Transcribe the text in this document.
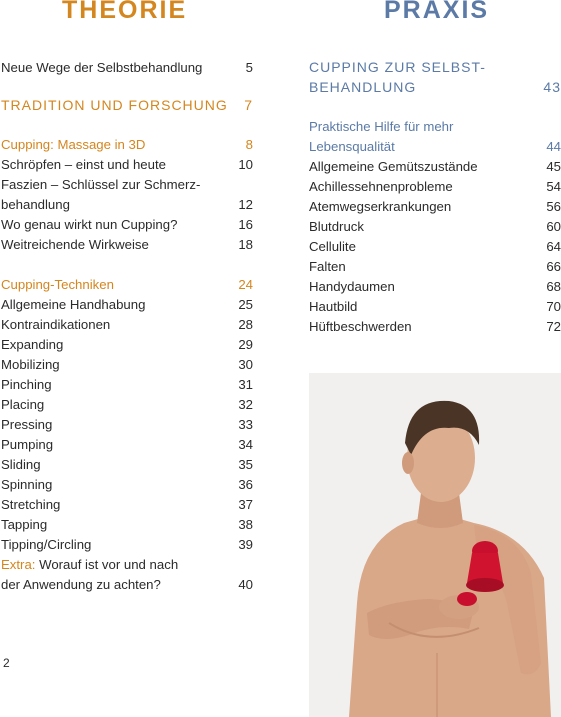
THEORIE	PRAXIS
Neue Wege der Selbstbehandlung	5
TRADITION UND FORSCHUNG	7
Cupping: Massage in 3D	8
Schröpfen – einst und heute	10
Faszien – Schlüssel zur Schmerz-
behandlung	12
Wo genau wirkt nun Cupping?	16
Weitreichende Wirkweise	18
Cupping-Techniken	24
Allgemeine Handhabung	25
Kontraindikationen	28
Expanding	29
Mobilizing	30
Pinching	31
Placing	32
Pressing	33
Pumping	34
Sliding	35
Spinning	36
Stretching	37
Tapping	38
Tipping/Circling	39
Extra: Worauf ist vor und nach
der Anwendung zu achten?	40
CUPPING ZUR SELBST-
BEHANDLUNG	43
Praktische Hilfe für mehr
Lebensqualität	44
Allgemeine Gemütszustände	45
Achillessehnenprobleme	54
Atemwegserkrankungen	56
Blutdruck	60
Cellulite	64
Falten	66
Handydaumen	68
Hautbild	70
Hüftbeschwerden	72
2
